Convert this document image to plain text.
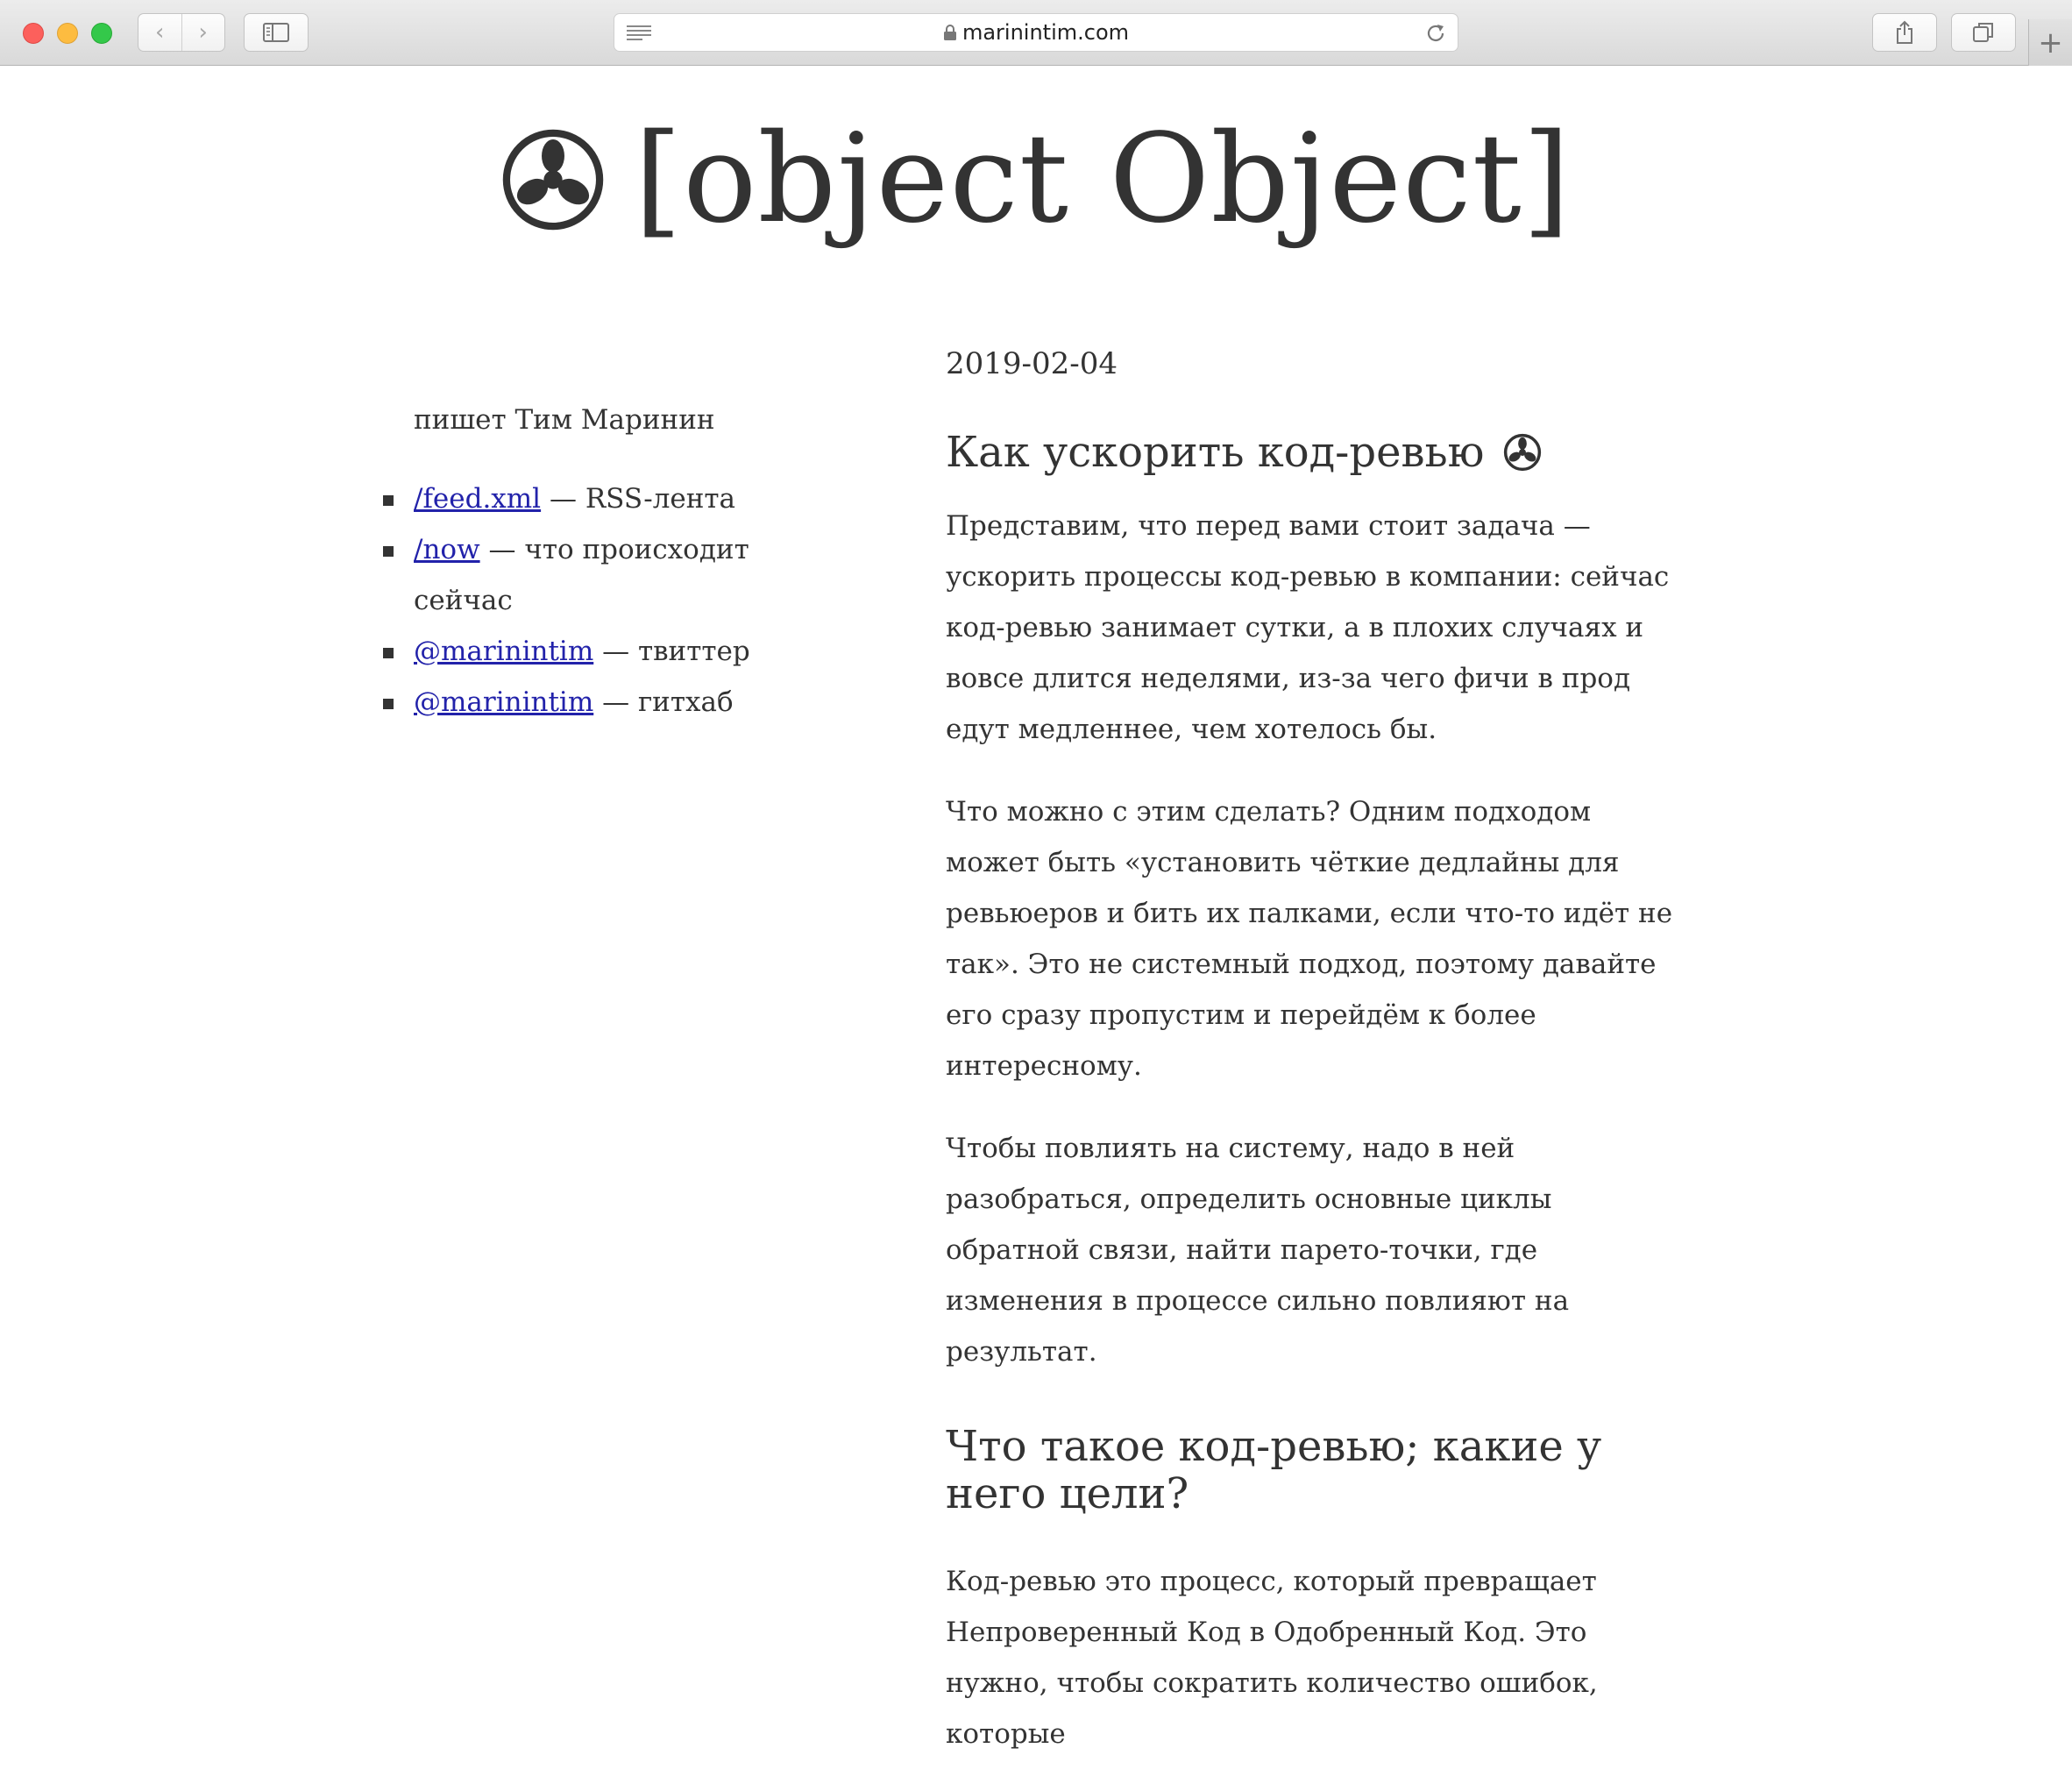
‹ ›	marinintim.com	+
[object Object]

пишет Тим Маринин

/feed.xml — RSS-лента
/now — что происходит сейчас
@marinintim — твиттер
@marinintim — гитхаб

2019-02-04

Как ускорить код-ревью

Представим, что перед вами стоит задача — ускорить процессы код-ревью в компании: сейчас код-ревью занимает сутки, а в плохих случаях и вовсе длится неделями, из-за чего фичи в прод едут медленнее, чем хотелось бы.

Что можно с этим сделать? Одним подходом может быть «установить чёткие дедлайны для ревьюеров и бить их палками, если что-то идёт не так». Это не системный подход, поэтому давайте его сразу пропустим и перейдём к более интересному.

Чтобы повлиять на систему, надо в ней разобраться, определить основные циклы обратной связи, найти парето-точки, где изменения в процессе сильно повлияют на результат.

Что такое код-ревью; какие у него цели?

Код-ревью это процесс, который превращает Непроверенный Код в Одобренный Код. Это нужно, чтобы сократить количество ошибок, которые
